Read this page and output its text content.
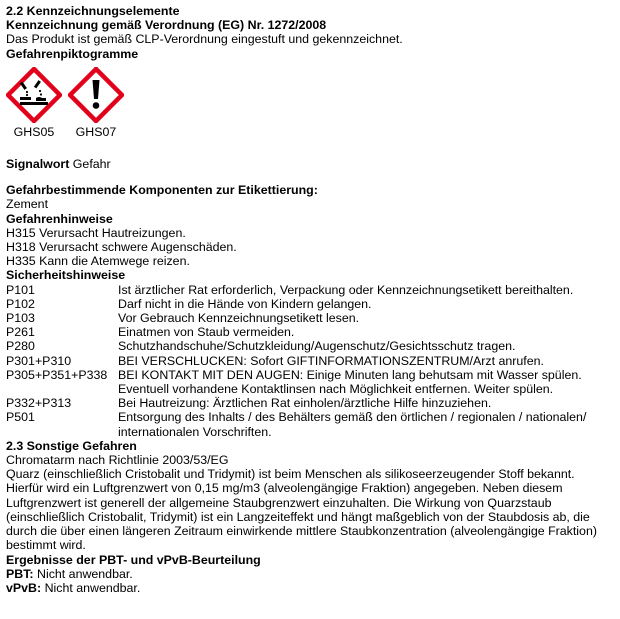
2.2 Kennzeichnungselemente
Kennzeichnung gemäß Verordnung (EG) Nr. 1272/2008
Das Produkt ist gemäß CLP-Verordnung eingestuft und gekennzeichnet.
Gefahrenpiktogramme
GHS05	GHS07
Signalwort Gefahr
Gefahrbestimmende Komponenten zur Etikettierung:
Zement
Gefahrenhinweise
H315 Verursacht Hautreizungen.
H318 Verursacht schwere Augenschäden.
H335 Kann die Atemwege reizen.
Sicherheitshinweise
P101	Ist ärztlicher Rat erforderlich, Verpackung oder Kennzeichnungsetikett bereithalten.
P102	Darf nicht in die Hände von Kindern gelangen.
P103	Vor Gebrauch Kennzeichnungsetikett lesen.
P261	Einatmen von Staub vermeiden.
P280	Schutzhandschuhe/Schutzkleidung/Augenschutz/Gesichtsschutz tragen.
P301+P310	BEI VERSCHLUCKEN: Sofort GIFTINFORMATIONSZENTRUM/Arzt anrufen.
P305+P351+P338	BEI KONTAKT MIT DEN AUGEN: Einige Minuten lang behutsam mit Wasser spülen. Eventuell vorhandene Kontaktlinsen nach Möglichkeit entfernen. Weiter spülen.
P332+P313	Bei Hautreizung: Ärztlichen Rat einholen/ärztliche Hilfe hinzuziehen.
P501	Entsorgung des Inhalts / des Behälters gemäß den örtlichen / regionalen / nationalen/ internationalen Vorschriften.
2.3 Sonstige Gefahren
Chromatarm nach Richtlinie 2003/53/EG
Quarz (einschließlich Cristobalit und Tridymit) ist beim Menschen als silikoseerzeugender Stoff bekannt. Hierfür wird ein Luftgrenzwert von 0,15 mg/m3 (alveolengängige Fraktion) angegeben. Neben diesem Luftgrenzwert ist generell der allgemeine Staubgrenzwert einzuhalten. Die Wirkung von Quarzstaub (einschließlich Cristobalit, Tridymit) ist ein Langzeiteffekt und hängt maßgeblich von der Staubdosis ab, die durch die über einen längeren Zeitraum einwirkende mittlere Staubkonzentration (alveolengängige Fraktion) bestimmt wird.
Ergebnisse der PBT- und vPvB-Beurteilung
PBT: Nicht anwendbar.
vPvB: Nicht anwendbar.
